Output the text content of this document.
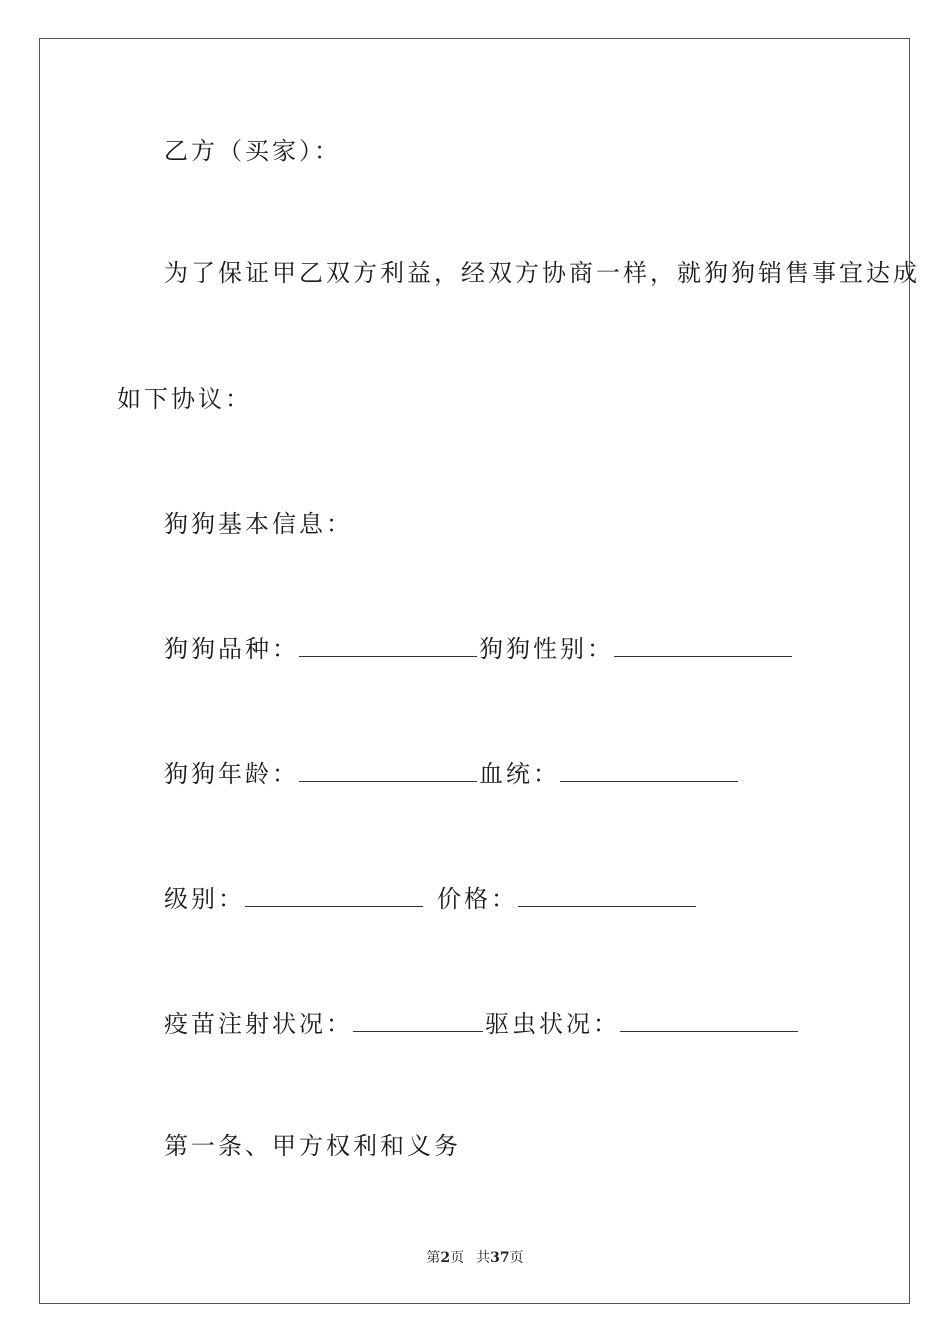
乙方（买家）：
为了保证甲乙双方利益，经双方协商一样，就狗狗销售事宜达成
如下协议：
狗狗基本信息：
狗狗品种：	狗狗性别：
狗狗年龄：	血统：
级别：	价格：
疫苗注射状况：	驱虫状况：
第一条、甲方权利和义务
第2页 共37页
